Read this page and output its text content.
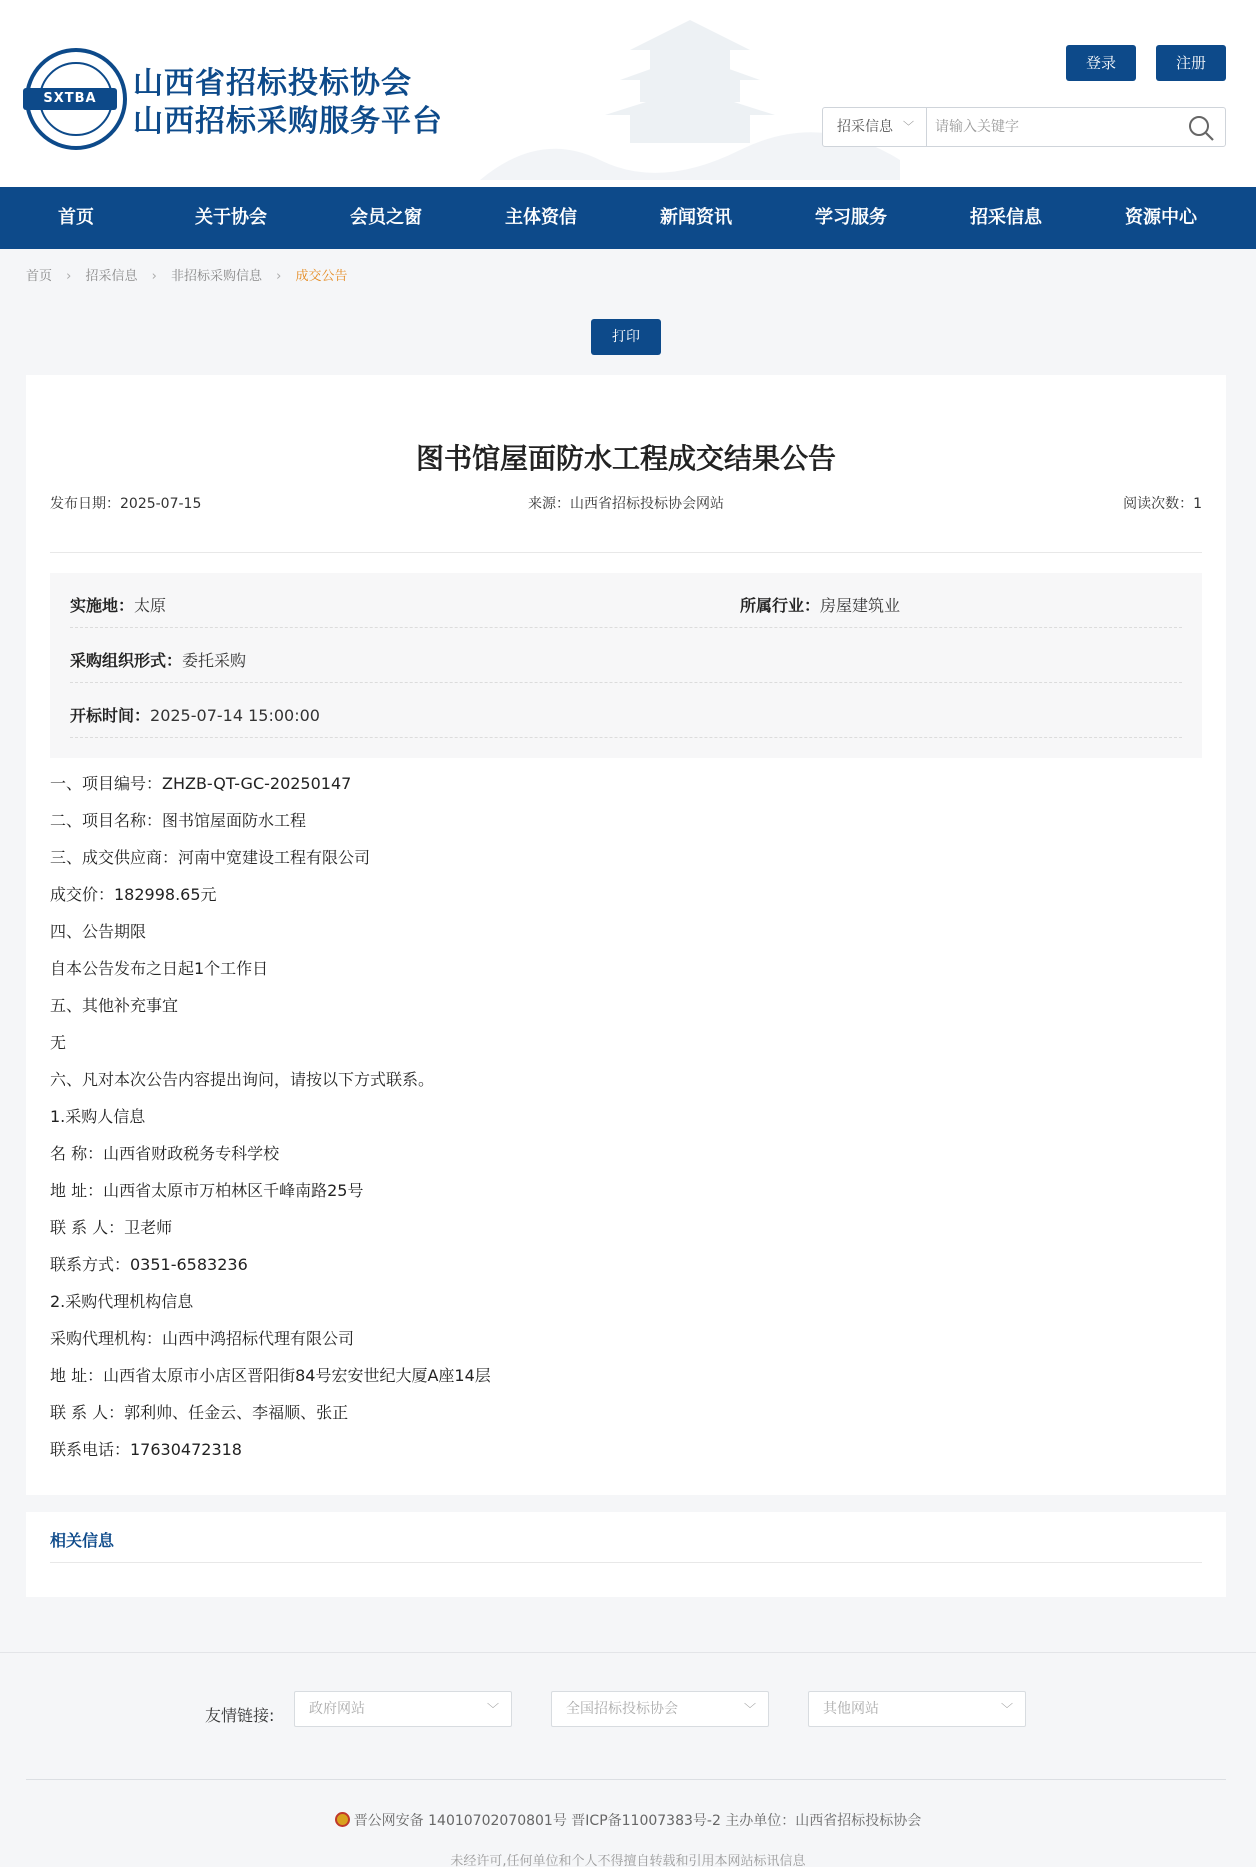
SXTBA	山西省招标投标协会
山西招标采购服务平台
登录	注册
招采信息 ﹀
请输入关键字
首页	关于协会	会员之窗	主体资信	新闻资讯	学习服务	招采信息	资源中心
首页 › 招采信息 › 非招标采购信息 › 成交公告
打印
图书馆屋面防水工程成交结果公告
发布日期：2025-07-15	来源：山西省招标投标协会网站	阅读次数：1
实施地：太原	所属行业：房屋建筑业
采购组织形式：委托采购
开标时间：2025-07-14 15:00:00
一、项目编号：ZHZB-QT-GC-20250147
二、项目名称：图书馆屋面防水工程
三、成交供应商：河南中宽建设工程有限公司
成交价：182998.65元
四、公告期限
自本公告发布之日起1个工作日
五、其他补充事宜
无
六、凡对本次公告内容提出询问，请按以下方式联系。
1.采购人信息
名 称：山西省财政税务专科学校
地 址：山西省太原市万柏林区千峰南路25号
联 系 人：卫老师
联系方式：0351-6583236
2.采购代理机构信息
采购代理机构：山西中鸿招标代理有限公司
地 址：山西省太原市小店区晋阳街84号宏安世纪大厦A座14层
联 系 人：郭利帅、任金云、李福顺、张正
联系电话：17630472318
相关信息
友情链接:	政府网站	﹀	全国招标投标协会	﹀	其他网站	﹀
晋公网安备 14010702070801号 晋ICP备11007383号-2 主办单位：山西省招标投标协会
未经许可,任何单位和个人不得擅自转载和引用本网站标讯信息
